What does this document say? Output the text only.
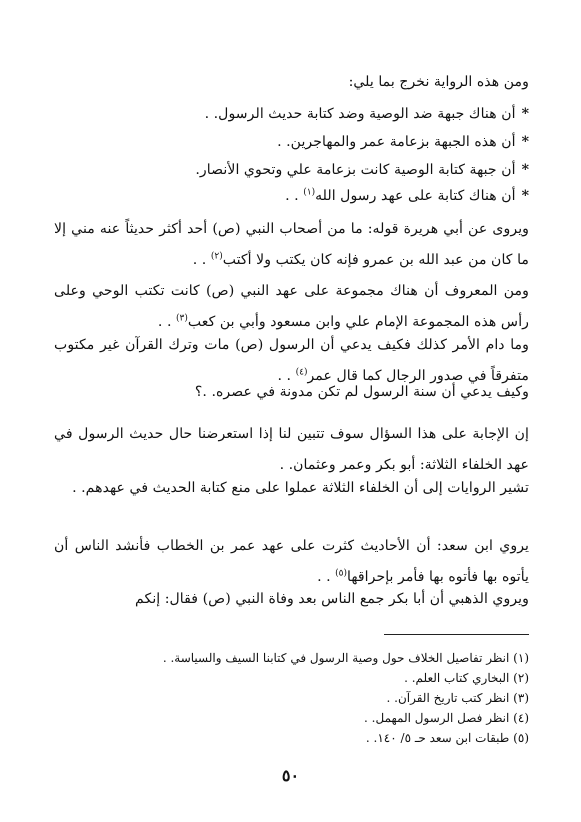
ومن هذه الرواية نخرج بما يلي:
*أن هناك جبهة ضد الوصية وضد كتابة حديث الرسول. .
*أن هذه الجبهة بزعامة عمر والمهاجرين. .
*أن جبهة كتابة الوصية كانت بزعامة علي وتحوي الأنصار.
*أن هناك كتابة على عهد رسول الله$^{(١)}$ . .
ويروى عن أبي هريرة قوله: ما من أصحاب النبي (ص) أحد أكثر حديثاً عنه مني إلا ما كان من عبد الله بن عمرو فإنه كان يكتب ولا أكتب$^{(٢)}$ . .
ومن المعروف أن هناك مجموعة على عهد النبي (ص) كانت تكتب الوحي وعلى رأس هذه المجموعة الإمام علي وابن مسعود وأبي بن كعب$^{(٣)}$ . .
وما دام الأمر كذلك فكيف يدعي أن الرسول (ص) مات وترك القرآن غير مكتوب متفرقاً في صدور الرجال كما قال عمر$^{(٤)}$ . .
وكيف يدعي أن سنة الرسول لم تكن مدونة في عصره. .؟
إن الإجابة على هذا السؤال سوف تتبين لنا إذا استعرضنا حال حديث الرسول في عهد الخلفاء الثلاثة: أبو بكر وعمر وعثمان. .
تشير الروايات إلى أن الخلفاء الثلاثة عملوا على منع كتابة الحديث في عهدهم. .
يروي ابن سعد: أن الأحاديث كثرت على عهد عمر بن الخطاب فأنشد الناس أن يأتوه بها فأتوه بها فأمر بإحراقها$^{(٥)}$ . .
ويروي الذهبي أن أبا بكر جمع الناس بعد وفاة النبي (ص) فقال: إنكم
(١) انظر تفاصيل الخلاف حول وصية الرسول في كتابنا السيف والسياسة. .
(٢) البخاري كتاب العلم. .
(٣) انظر كتب تاريخ القرآن. .
(٤) انظر فصل الرسول المهمل. .
(٥) طبقات ابن سعد حـ ٥/ ١٤٠. .
٥٠
